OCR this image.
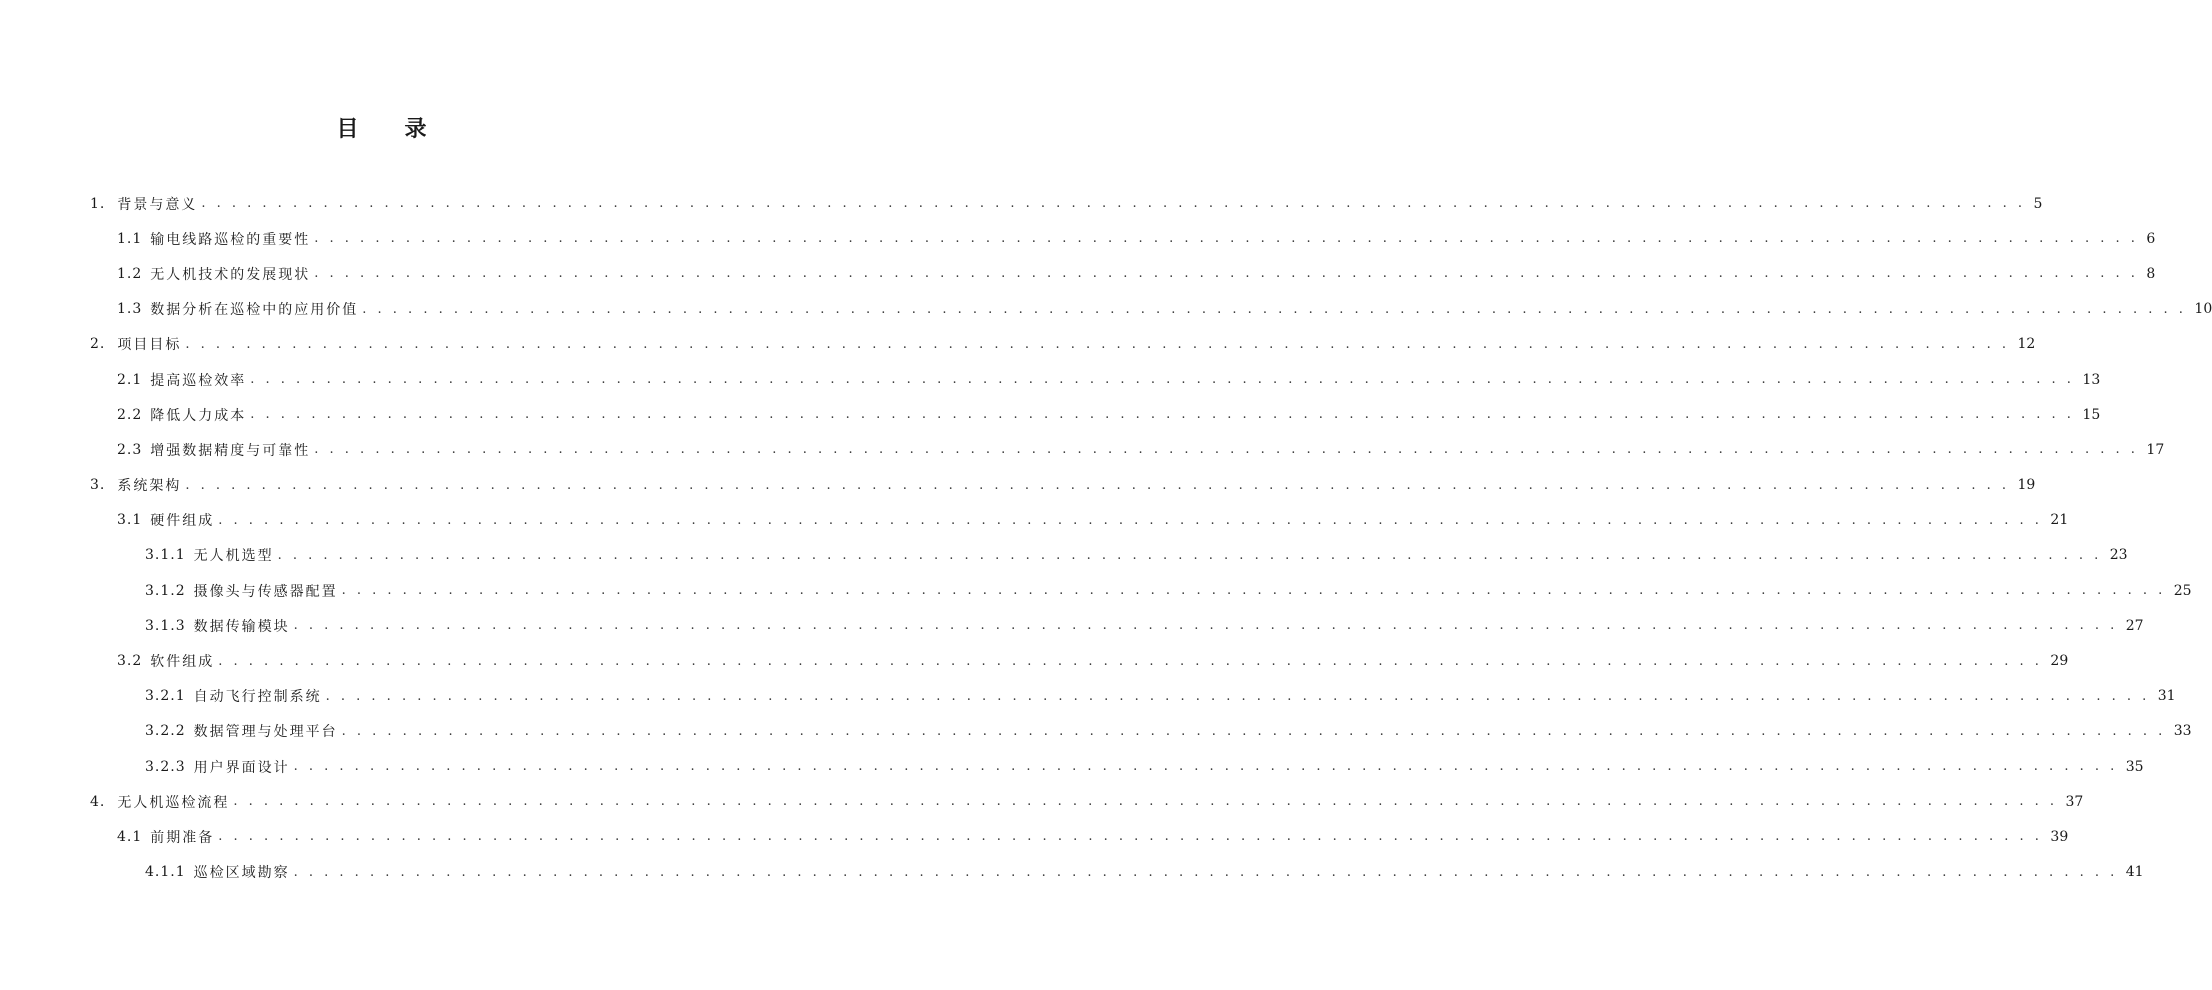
目 录
1. 背景与意义 . . . . . . . . . . . . . . . . . . . . . . . . . . . . . . . . . . . . . . . . . . . . . . . . . . . . . . . . . . . . . . . . . . . . . . . . . . . . . . . . . . . . . . . . . . . . . . . . . . . . . . . . . . . . . . . . . . . . . . . . 5
1.1 输电线路巡检的重要性 . . . . . . . . . . . . . . . . . . . . . . . . . . . . . . . . . . . . . . . . . . . . . . . . . . . . . . . . . . . . . . . . . . . . . . . . . . . . . . . . . . . . . . . . . . . . . . . . . . . . . . . . . . . . . . . . . . . . . . . . 6
1.2 无人机技术的发展现状 . . . . . . . . . . . . . . . . . . . . . . . . . . . . . . . . . . . . . . . . . . . . . . . . . . . . . . . . . . . . . . . . . . . . . . . . . . . . . . . . . . . . . . . . . . . . . . . . . . . . . . . . . . . . . . . . . . . . . . . . 8
1.3 数据分析在巡检中的应用价值 . . . . . . . . . . . . . . . . . . . . . . . . . . . . . . . . . . . . . . . . . . . . . . . . . . . . . . . . . . . . . . . . . . . . . . . . . . . . . . . . . . . . . . . . . . . . . . . . . . . . . . . . . . . . . . . . . . . . . . . . 10
2. 项目目标 . . . . . . . . . . . . . . . . . . . . . . . . . . . . . . . . . . . . . . . . . . . . . . . . . . . . . . . . . . . . . . . . . . . . . . . . . . . . . . . . . . . . . . . . . . . . . . . . . . . . . . . . . . . . . . . . . . . . . . . . 12
2.1 提高巡检效率 . . . . . . . . . . . . . . . . . . . . . . . . . . . . . . . . . . . . . . . . . . . . . . . . . . . . . . . . . . . . . . . . . . . . . . . . . . . . . . . . . . . . . . . . . . . . . . . . . . . . . . . . . . . . . . . . . . . . . . . . 13
2.2 降低人力成本 . . . . . . . . . . . . . . . . . . . . . . . . . . . . . . . . . . . . . . . . . . . . . . . . . . . . . . . . . . . . . . . . . . . . . . . . . . . . . . . . . . . . . . . . . . . . . . . . . . . . . . . . . . . . . . . . . . . . . . . . 15
2.3 增强数据精度与可靠性 . . . . . . . . . . . . . . . . . . . . . . . . . . . . . . . . . . . . . . . . . . . . . . . . . . . . . . . . . . . . . . . . . . . . . . . . . . . . . . . . . . . . . . . . . . . . . . . . . . . . . . . . . . . . . . . . . . . . . . . . 17
3. 系统架构 . . . . . . . . . . . . . . . . . . . . . . . . . . . . . . . . . . . . . . . . . . . . . . . . . . . . . . . . . . . . . . . . . . . . . . . . . . . . . . . . . . . . . . . . . . . . . . . . . . . . . . . . . . . . . . . . . . . . . . . . 19
3.1 硬件组成 . . . . . . . . . . . . . . . . . . . . . . . . . . . . . . . . . . . . . . . . . . . . . . . . . . . . . . . . . . . . . . . . . . . . . . . . . . . . . . . . . . . . . . . . . . . . . . . . . . . . . . . . . . . . . . . . . . . . . . . . 21
3.1.1 无人机选型 . . . . . . . . . . . . . . . . . . . . . . . . . . . . . . . . . . . . . . . . . . . . . . . . . . . . . . . . . . . . . . . . . . . . . . . . . . . . . . . . . . . . . . . . . . . . . . . . . . . . . . . . . . . . . . . . . . . . . . . . 23
3.1.2 摄像头与传感器配置 . . . . . . . . . . . . . . . . . . . . . . . . . . . . . . . . . . . . . . . . . . . . . . . . . . . . . . . . . . . . . . . . . . . . . . . . . . . . . . . . . . . . . . . . . . . . . . . . . . . . . . . . . . . . . . . . . . . . . . . . 25
3.1.3 数据传输模块 . . . . . . . . . . . . . . . . . . . . . . . . . . . . . . . . . . . . . . . . . . . . . . . . . . . . . . . . . . . . . . . . . . . . . . . . . . . . . . . . . . . . . . . . . . . . . . . . . . . . . . . . . . . . . . . . . . . . . . . . 27
3.2 软件组成 . . . . . . . . . . . . . . . . . . . . . . . . . . . . . . . . . . . . . . . . . . . . . . . . . . . . . . . . . . . . . . . . . . . . . . . . . . . . . . . . . . . . . . . . . . . . . . . . . . . . . . . . . . . . . . . . . . . . . . . . 29
3.2.1 自动飞行控制系统 . . . . . . . . . . . . . . . . . . . . . . . . . . . . . . . . . . . . . . . . . . . . . . . . . . . . . . . . . . . . . . . . . . . . . . . . . . . . . . . . . . . . . . . . . . . . . . . . . . . . . . . . . . . . . . . . . . . . . . . . 31
3.2.2 数据管理与处理平台 . . . . . . . . . . . . . . . . . . . . . . . . . . . . . . . . . . . . . . . . . . . . . . . . . . . . . . . . . . . . . . . . . . . . . . . . . . . . . . . . . . . . . . . . . . . . . . . . . . . . . . . . . . . . . . . . . . . . . . . . 33
3.2.3 用户界面设计 . . . . . . . . . . . . . . . . . . . . . . . . . . . . . . . . . . . . . . . . . . . . . . . . . . . . . . . . . . . . . . . . . . . . . . . . . . . . . . . . . . . . . . . . . . . . . . . . . . . . . . . . . . . . . . . . . . . . . . . . 35
4. 无人机巡检流程 . . . . . . . . . . . . . . . . . . . . . . . . . . . . . . . . . . . . . . . . . . . . . . . . . . . . . . . . . . . . . . . . . . . . . . . . . . . . . . . . . . . . . . . . . . . . . . . . . . . . . . . . . . . . . . . . . . . . . . . . 37
4.1 前期准备 . . . . . . . . . . . . . . . . . . . . . . . . . . . . . . . . . . . . . . . . . . . . . . . . . . . . . . . . . . . . . . . . . . . . . . . . . . . . . . . . . . . . . . . . . . . . . . . . . . . . . . . . . . . . . . . . . . . . . . . . 39
4.1.1 巡检区域勘察 . . . . . . . . . . . . . . . . . . . . . . . . . . . . . . . . . . . . . . . . . . . . . . . . . . . . . . . . . . . . . . . . . . . . . . . . . . . . . . . . . . . . . . . . . . . . . . . . . . . . . . . . . . . . . . . . . . . . . . . . 41
